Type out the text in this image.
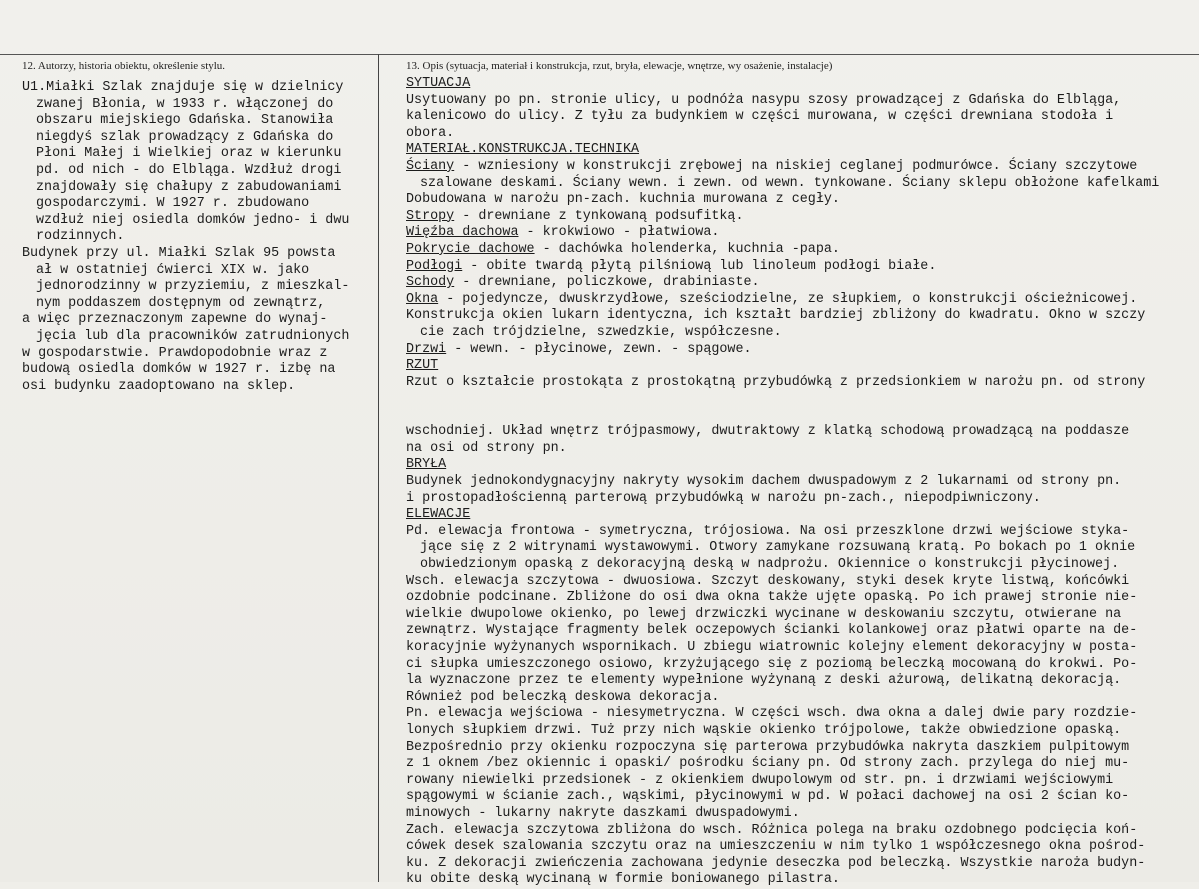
12. Autorzy, historia obiektu, określenie stylu.	13. Opis (sytuacja, materiał i konstrukcja, rzut, bryła, elewacje, wnętrze, wy osażenie, instalacje)
U1.Miałki Szlak znajduje się w dzielnicy
zwanej Błonia, w 1933 r. włączonej do
obszaru miejskiego Gdańska. Stanowiła
niegdyś szlak prowadzący z Gdańska do
Płoni Małej i Wielkiej oraz w kierunku
pd. od nich - do Elbląga. Wzdłuż drogi
znajdowały się chałupy z zabudowaniami
gospodarczymi. W 1927 r. zbudowano
wzdłuż niej osiedla domków jedno- i dwu
rodzinnych.
Budynek przy ul. Miałki Szlak 95 powsta
ał w ostatniej ćwierci XIX w. jako
jednorodzinny w przyziemiu, z mieszkal-
nym poddaszem dostępnym od zewnątrz,
a więc przeznaczonym zapewne do wynaj-
jęcia lub dla pracowników zatrudnionych
w gospodarstwie. Prawdopodobnie wraz z
budową osiedla domków w 1927 r. izbę na
osi budynku zaadoptowano na sklep.
SYTUACJA
Usytuowany po pn. stronie ulicy, u podnóża nasypu szosy prowadzącej z Gdańska do Elbląga,
kalenicowo do ulicy. Z tyłu za budynkiem w części murowana, w części drewniana stodoła i
obora.
MATERIAŁ.KONSTRUKCJA.TECHNIKA
Ściany - wzniesiony w konstrukcji zrębowej na niskiej ceglanej podmurówce. Ściany szczytowe
szalowane deskami. Ściany wewn. i zewn. od wewn. tynkowane. Ściany sklepu obłożone kafelkami
Dobudowana w narożu pn-zach. kuchnia murowana z cegły.
Stropy - drewniane z tynkowaną podsufitką.
Więźba dachowa - krokwiowo - płatwiowa.
Pokrycie dachowe - dachówka holenderka, kuchnia -papa.
Podłogi - obite twardą płytą pilśniową lub linoleum podłogi białe.
Schody - drewniane, policzkowe, drabiniaste.
Okna - pojedyncze, dwuskrzydłowe, sześciodzielne, ze słupkiem, o konstrukcji ościeżnicowej.
Konstrukcja okien lukarn identyczna, ich kształt bardziej zbliżony do kwadratu. Okno w szczy
cie zach trójdzielne, szwedzkie, współczesne.
Drzwi - wewn. - płycinowe, zewn. - spągowe.
RZUT
Rzut o kształcie prostokąta z prostokątną przybudówką z przedsionkiem w narożu pn. od strony
wschodniej. Układ wnętrz trójpasmowy, dwutraktowy z klatką schodową prowadzącą na poddasze
na osi od strony pn.
BRYŁA
Budynek jednokondygnacyjny nakryty wysokim dachem dwuspadowym z 2 lukarnami od strony pn.
i prostopadłościenną parterową przybudówką w narożu pn-zach., niepodpiwniczony.
ELEWACJE
Pd. elewacja frontowa - symetryczna, trójosiowa. Na osi przeszklone drzwi wejściowe styka-
jące się z 2 witrynami wystawowymi. Otwory zamykane rozsuwaną kratą. Po bokach po 1 oknie
obwiedzionym opaską z dekoracyjną deską w nadprożu. Okiennice o konstrukcji płycinowej.
Wsch. elewacja szczytowa - dwuosiowa. Szczyt deskowany, styki desek kryte listwą, końcówki
ozdobnie podcinane. Zbliżone do osi dwa okna także ujęte opaską. Po ich prawej stronie nie-
wielkie dwupolowe okienko, po lewej drzwiczki wycinane w deskowaniu szczytu, otwierane na
zewnątrz. Wystające fragmenty belek oczepowych ścianki kolankowej oraz płatwi oparte na de-
koracyjnie wyżynanych wspornikach. U zbiegu wiatrownic kolejny element dekoracyjny w posta-
ci słupka umieszczonego osiowo, krzyżującego się z poziomą beleczką mocowaną do krokwi. Po-
la wyznaczone przez te elementy wypełnione wyżynaną z deski ażurową, delikatną dekoracją.
Również pod beleczką deskowa dekoracja.
Pn. elewacja wejściowa - niesymetryczna. W części wsch. dwa okna a dalej dwie pary rozdzie-
lonych słupkiem drzwi. Tuż przy nich wąskie okienko trójpolowe, także obwiedzione opaską.
Bezpośrednio przy okienku rozpoczyna się parterowa przybudówka nakryta daszkiem pulpitowym
z 1 oknem /bez okiennic i opaski/ pośrodku ściany pn. Od strony zach. przylega do niej mu-
rowany niewielki przedsionek - z okienkiem dwupolowym od str. pn. i drzwiami wejściowymi
spągowymi w ścianie zach., wąskimi, płycinowymi w pd. W połaci dachowej na osi 2 ścian ko-
minowych - lukarny nakryte daszkami dwuspadowymi.
Zach. elewacja szczytowa zbliżona do wsch. Różnica polega na braku ozdobnego podcięcia koń-
cówek desek szalowania szczytu oraz na umieszczeniu w nim tylko 1 współczesnego okna pośrod-
ku. Z dekoracji zwieńczenia zachowana jedynie deseczka pod beleczką. Wszystkie naroża budyn-
ku obite deską wycinaną w formie boniowanego pilastra.
